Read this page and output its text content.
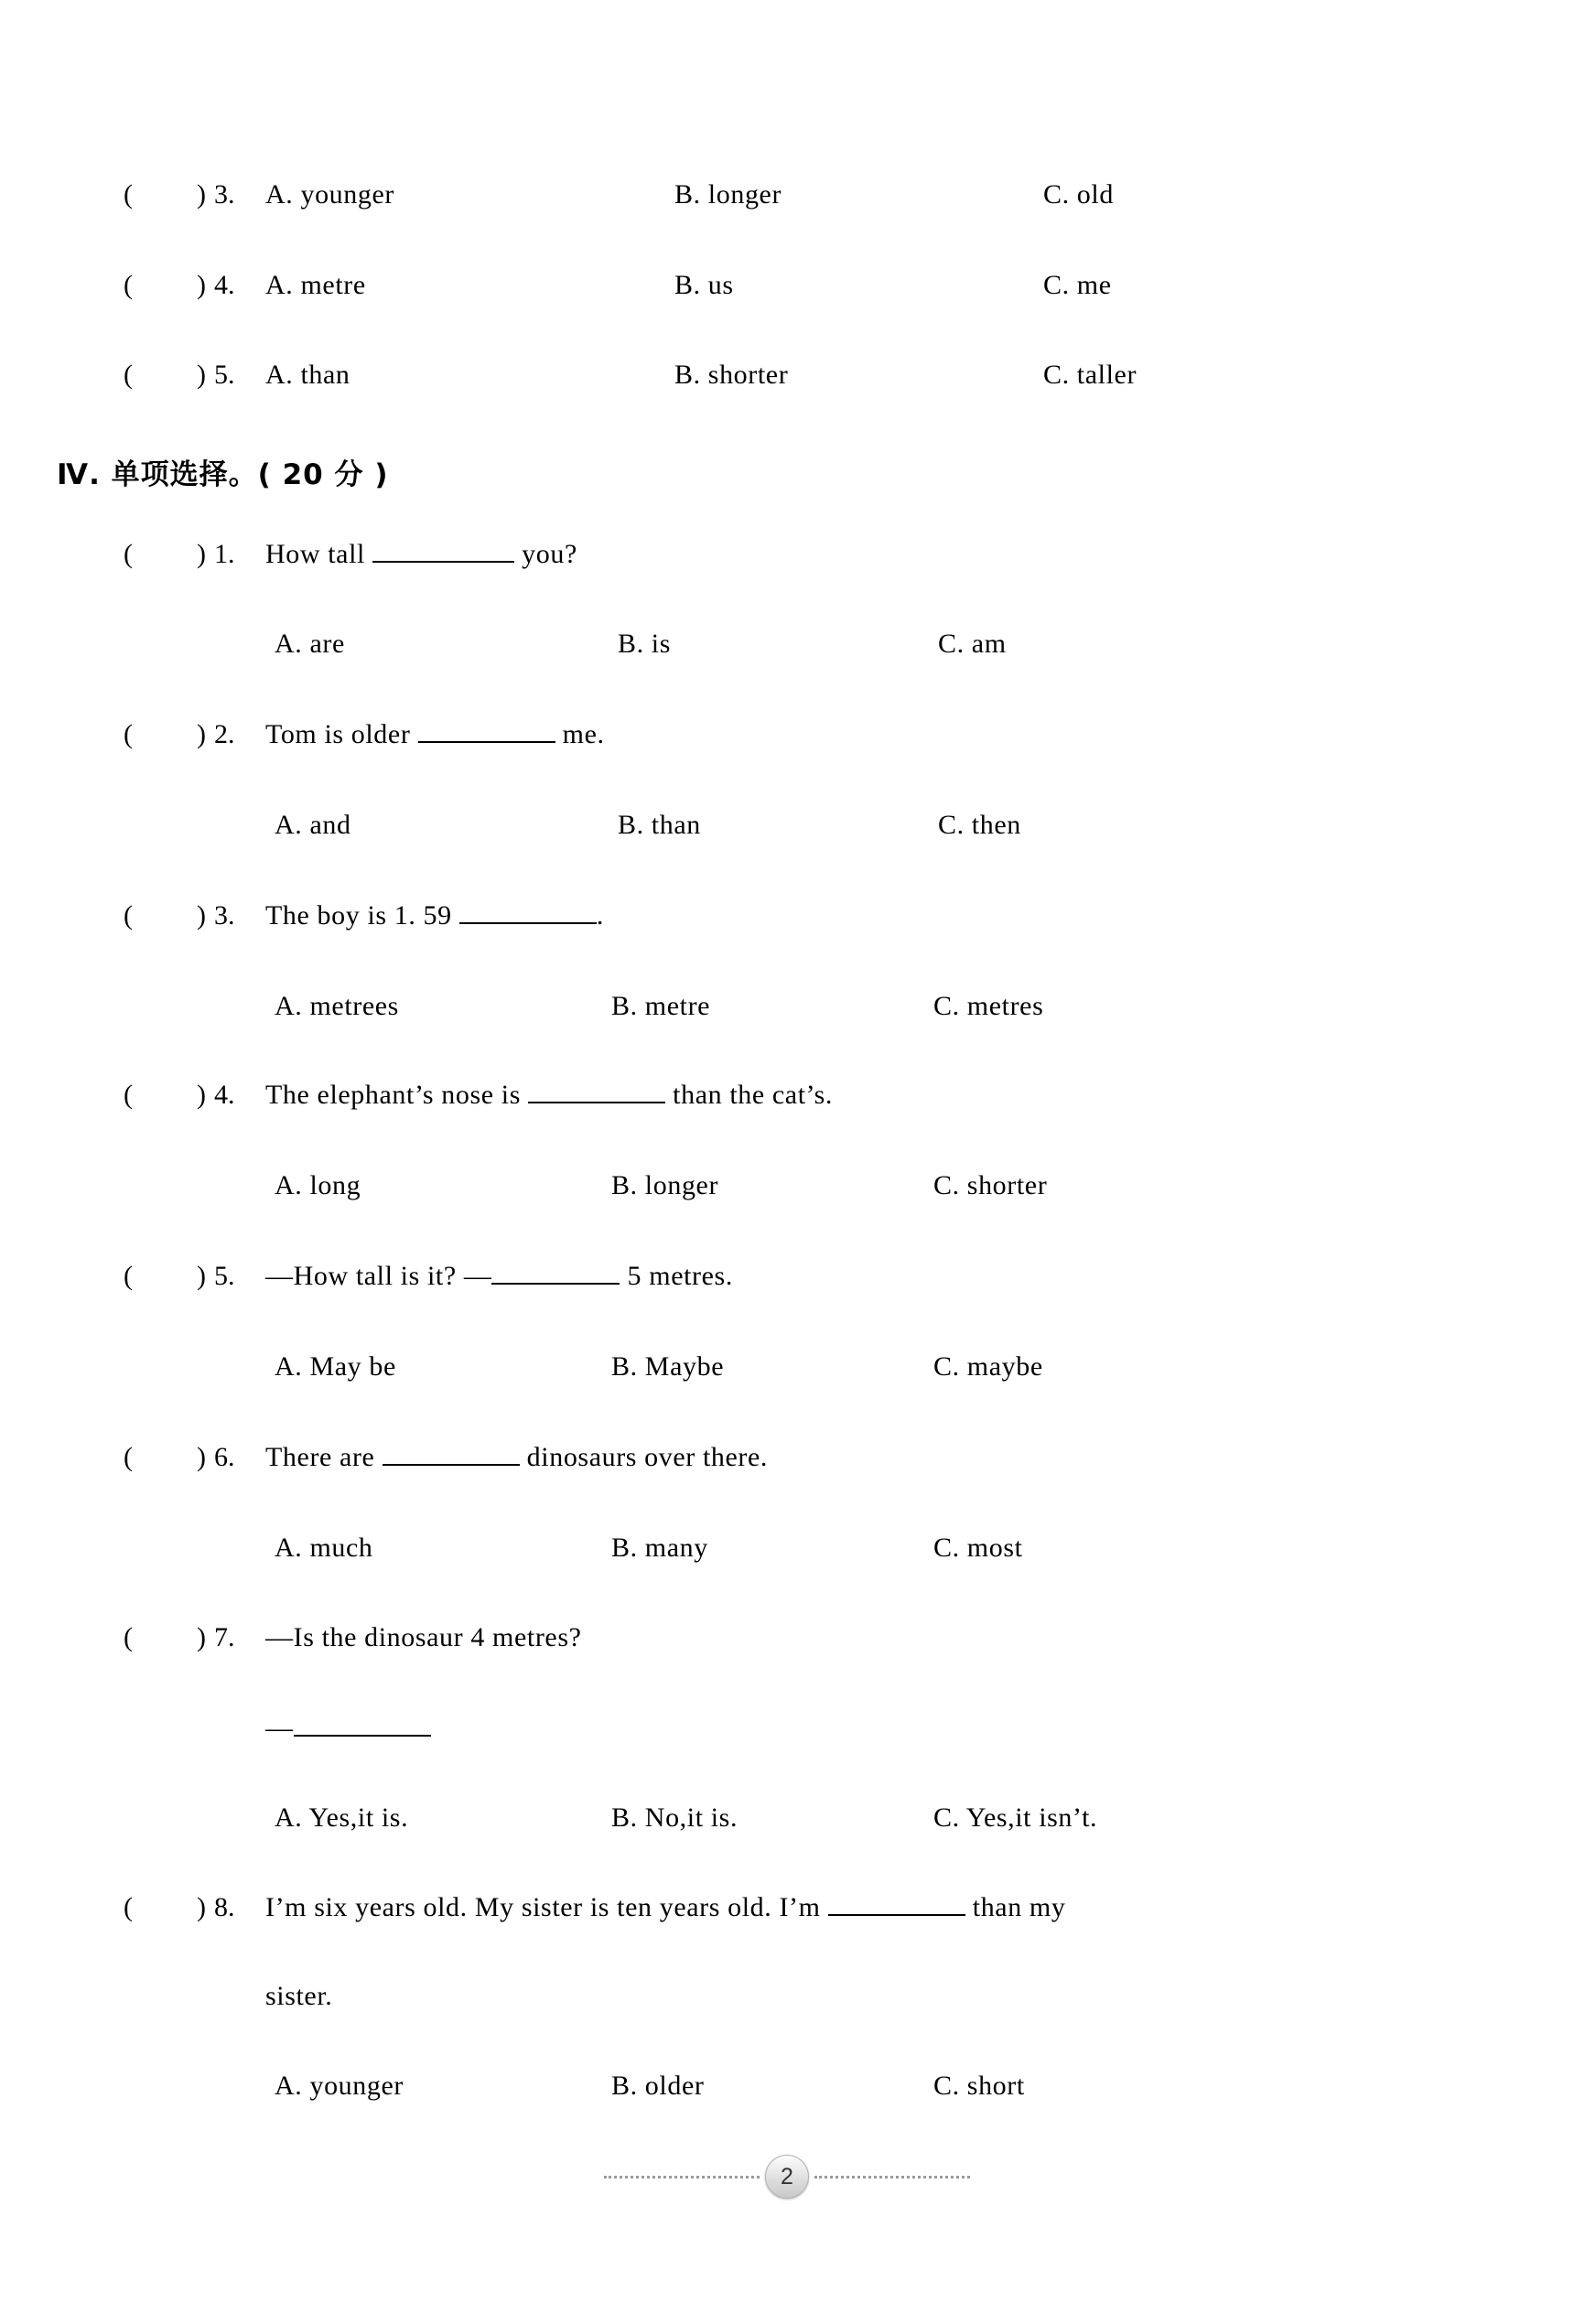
( ) 3. A. younger	B. longer	C. old
( ) 4. A. metre	B. us	C. me
( ) 5. A. than	B. shorter	C. taller
Ⅳ. 单项选择。( 20 分 )
( ) 1. How tall	you?
A. are	B. is	C. am
( ) 2. Tom is older	me.
A. and	B. than	C. then
( ) 3. The boy is 1. 59	.
A. metrees	B. metre	C. metres
( ) 4. The elephant’s nose is	than the cat’s.
A. long	B. longer	C. shorter
( ) 5. —How tall is it? —	5 metres.
A. May be	B. Maybe	C. maybe
( ) 6. There are	dinosaurs over there.
A. much	B. many	C. most
( ) 7. —Is the dinosaur 4 metres?
—
A. Yes,it is.	B. No,it is.	C. Yes,it isn’t.
( ) 8. I’m six years old. My sister is ten years old. I’m	than my
sister.
A. younger	B. older	C. short
2
